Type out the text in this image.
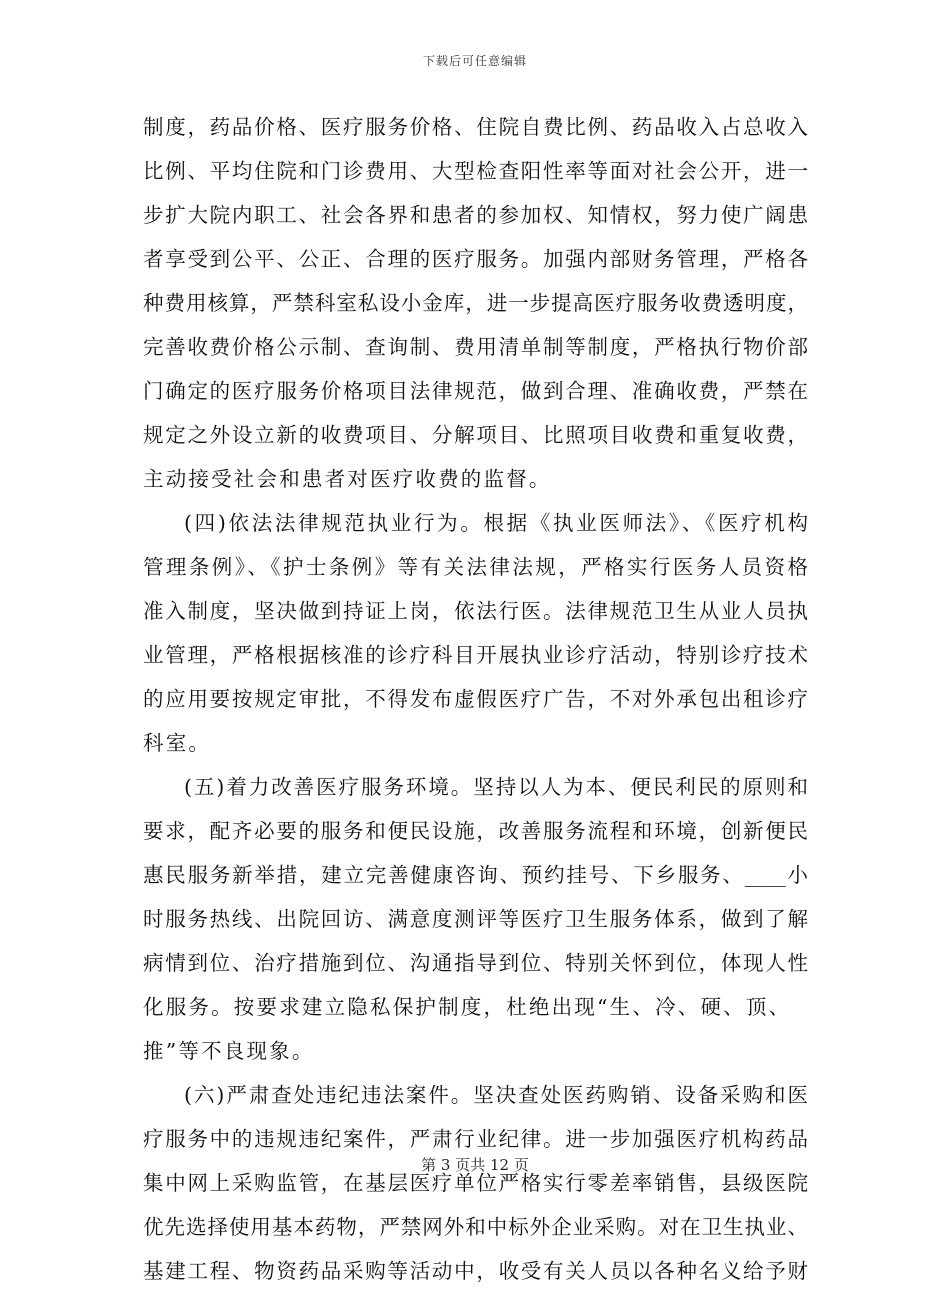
下载后可任意编辑
制度，药品价格、医疗服务价格、住院自费比例、药品收入占总收入
比例、平均住院和门诊费用、大型检查阳性率等面对社会公开，进一
步扩大院内职工、社会各界和患者的参加权、知情权，努力使广阔患
者享受到公平、公正、合理的医疗服务。加强内部财务管理，严格各
种费用核算，严禁科室私设小金库，进一步提高医疗服务收费透明度，
完善收费价格公示制、查询制、费用清单制等制度，严格执行物价部
门确定的医疗服务价格项目法律规范，做到合理、准确收费，严禁在
规定之外设立新的收费项目、分解项目、比照项目收费和重复收费，
主动接受社会和患者对医疗收费的监督。
(四)依法法律规范执业行为。根据《执业医师法》、《医疗机构
管理条例》、《护士条例》等有关法律法规，严格实行医务人员资格
准入制度，坚决做到持证上岗，依法行医。法律规范卫生从业人员执
业管理，严格根据核准的诊疗科目开展执业诊疗活动，特别诊疗技术
的应用要按规定审批，不得发布虚假医疗广告，不对外承包出租诊疗
科室。
(五)着力改善医疗服务环境。坚持以人为本、便民利民的原则和
要求，配齐必要的服务和便民设施，改善服务流程和环境，创新便民
惠民服务新举措，建立完善健康咨询、预约挂号、下乡服务、____小
时服务热线、出院回访、满意度测评等医疗卫生服务体系，做到了解
病情到位、治疗措施到位、沟通指导到位、特别关怀到位，体现人性
化服务。按要求建立隐私保护制度，杜绝出现“生、冷、硬、顶、
推”等不良现象。
(六)严肃查处违纪违法案件。坚决查处医药购销、设备采购和医
疗服务中的违规违纪案件，严肃行业纪律。进一步加强医疗机构药品
集中网上采购监管，在基层医疗单位严格实行零差率销售，县级医院
优先选择使用基本药物，严禁网外和中标外企业采购。对在卫生执业、
基建工程、物资药品采购等活动中，收受有关人员以各种名义给予财
第 3 页共 12 页
